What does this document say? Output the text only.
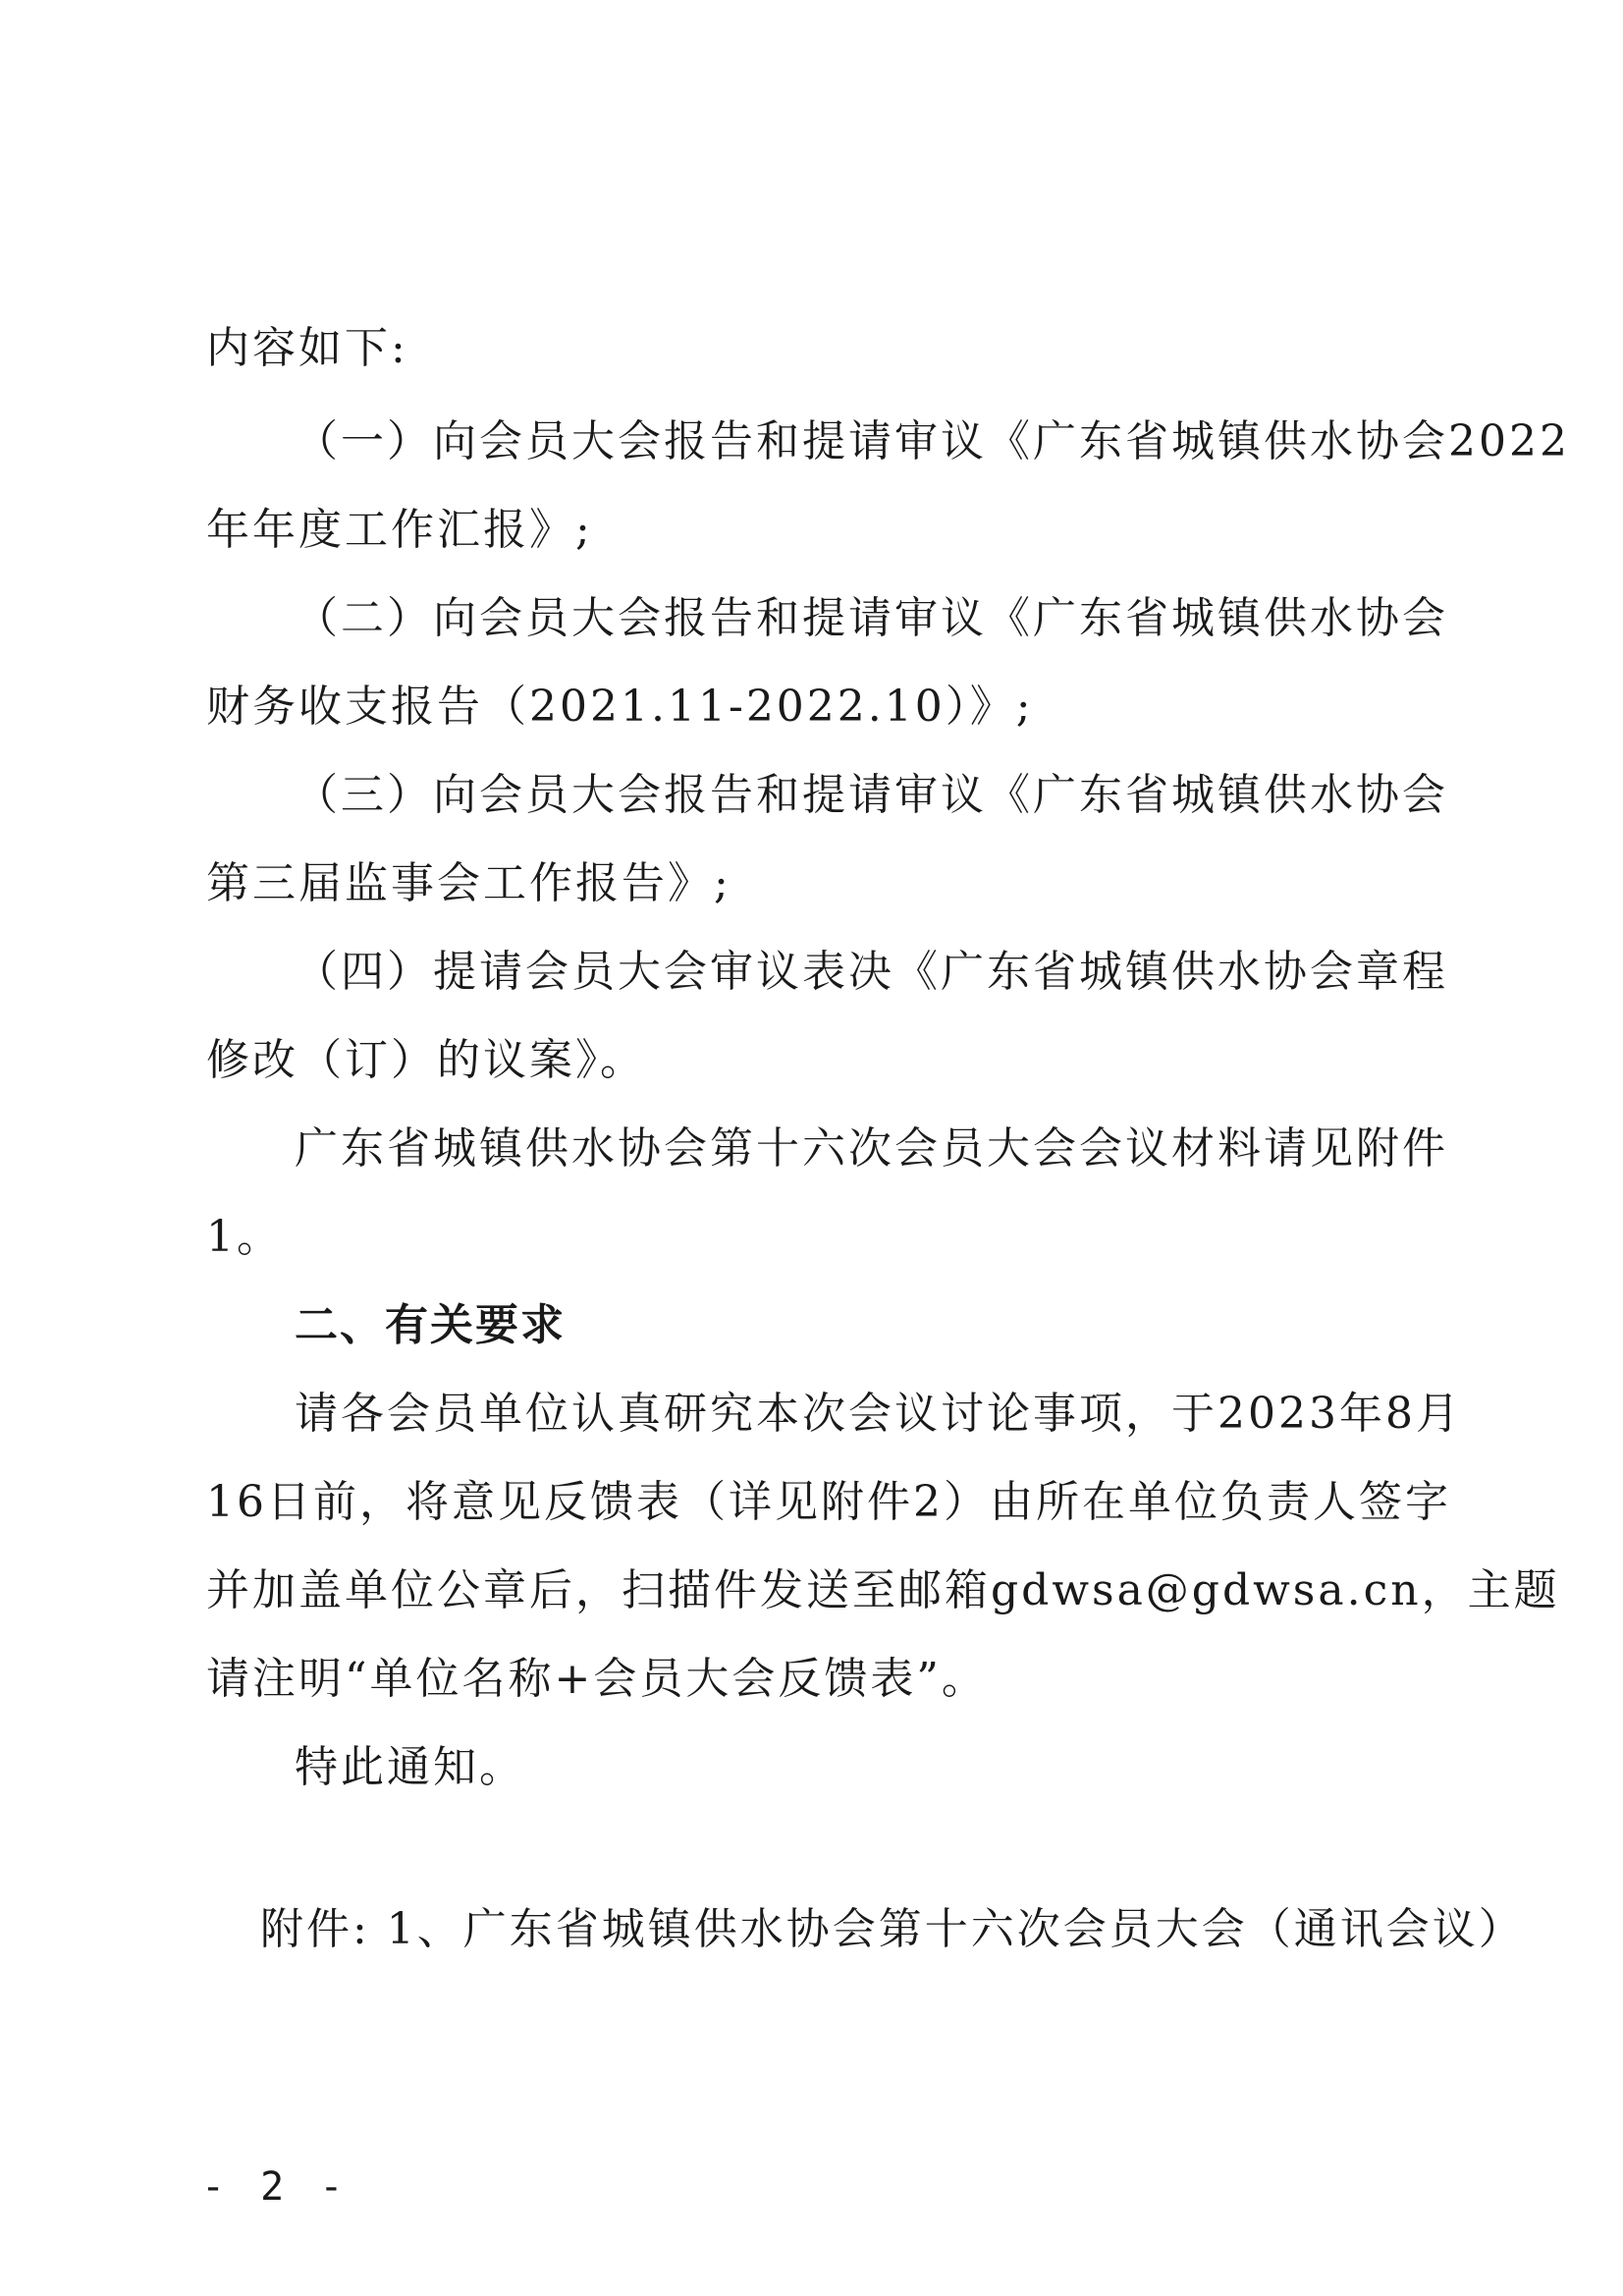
内容如下:
（一）向会员大会报告和提请审议《广东省城镇供水协会2022
年年度工作汇报》;
（二）向会员大会报告和提请审议《广东省城镇供水协会
财务收支报告（2021.11-2022.10）》;
（三）向会员大会报告和提请审议《广东省城镇供水协会
第三届监事会工作报告》;
（四）提请会员大会审议表决《广东省城镇供水协会章程
修改（订）的议案》。
广东省城镇供水协会第十六次会员大会会议材料请见附件
1。
二、有关要求
请各会员单位认真研究本次会议讨论事项，于2023年8月
16日前，将意见反馈表（详见附件2）由所在单位负责人签字
并加盖单位公章后，扫描件发送至邮箱gdwsa@gdwsa.cn，主题
请注明“单位名称+会员大会反馈表”。
特此通知。
附件: 1、广东省城镇供水协会第十六次会员大会（通讯会议）
- 2 -
